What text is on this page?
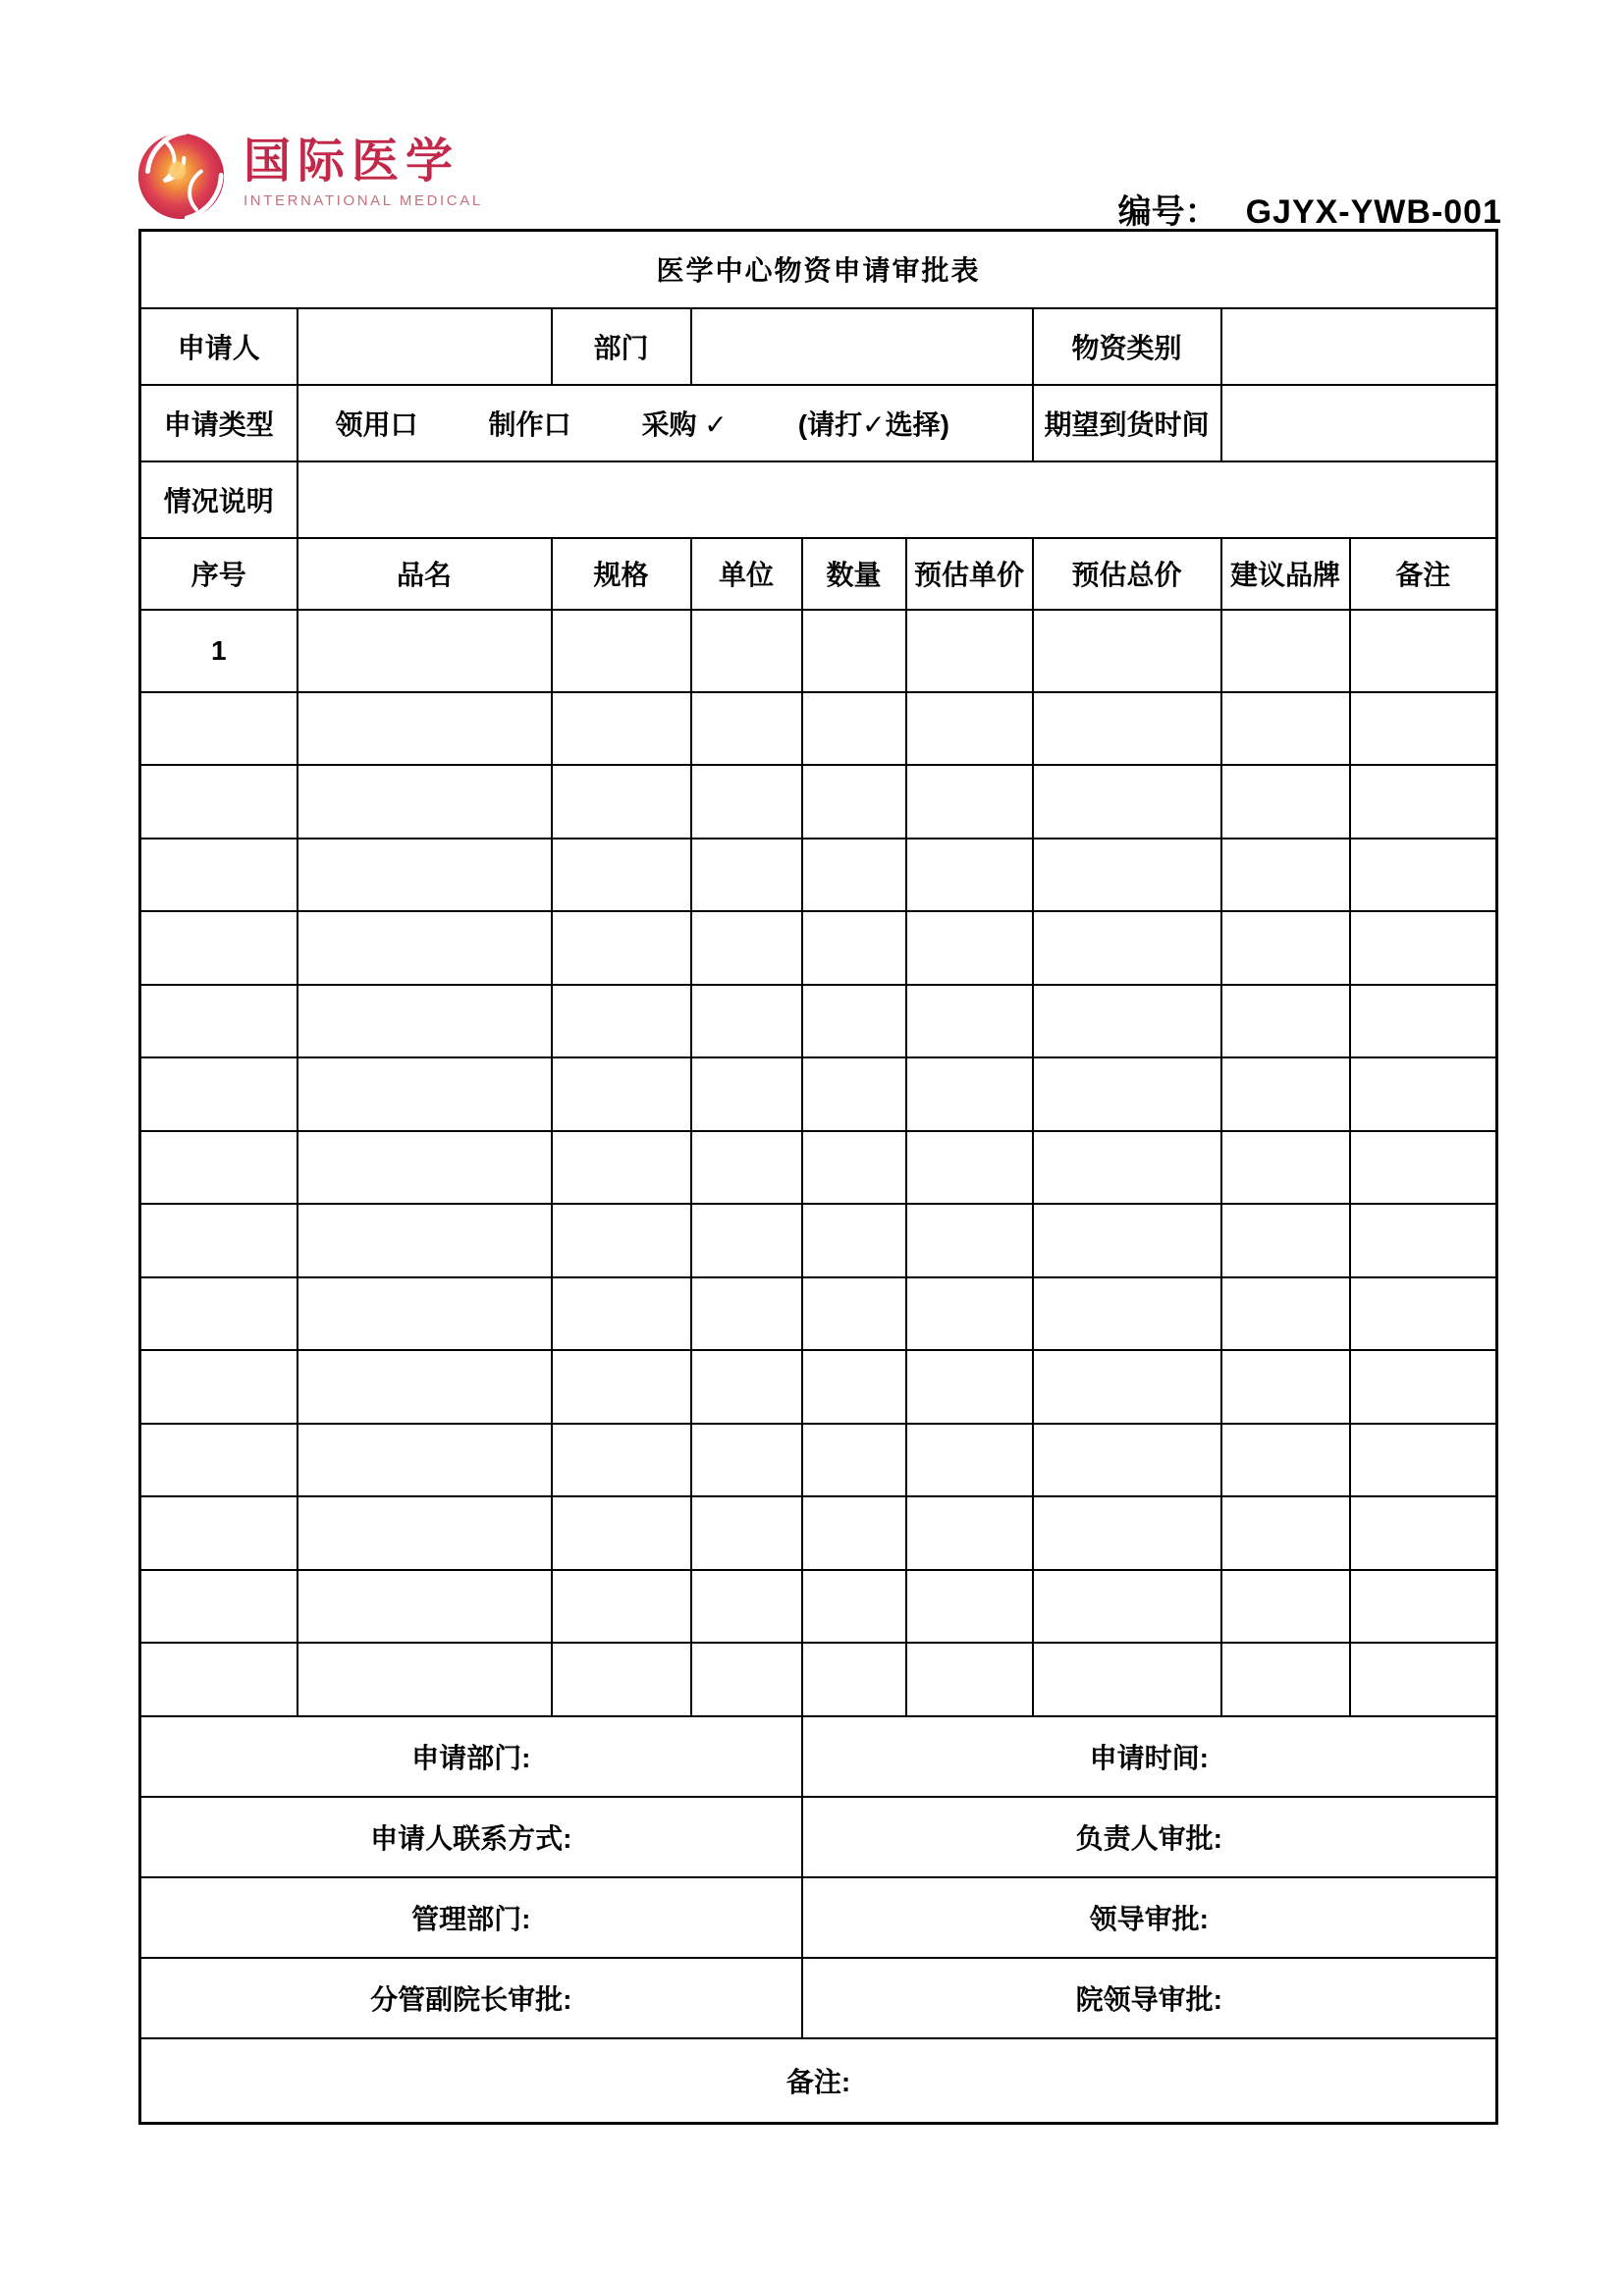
国际医学
INTERNATIONAL MEDICAL	编号： GJYX-YWB-001
医学中心物资申请审批表								
申请人		部门				物资类别		
申请类型	领用口 制作口 采购 ✓ (请打✓选择)					期望到货时间		
情况说明								
序号	品名	规格	单位	数量	预估单价	预估总价	建议品牌	备注
1								

申请部门:				申请时间:				
申请人联系方式:				负责人审批:				
管理部门:				领导审批:				
分管副院长审批:				院领导审批:				
备注:								
